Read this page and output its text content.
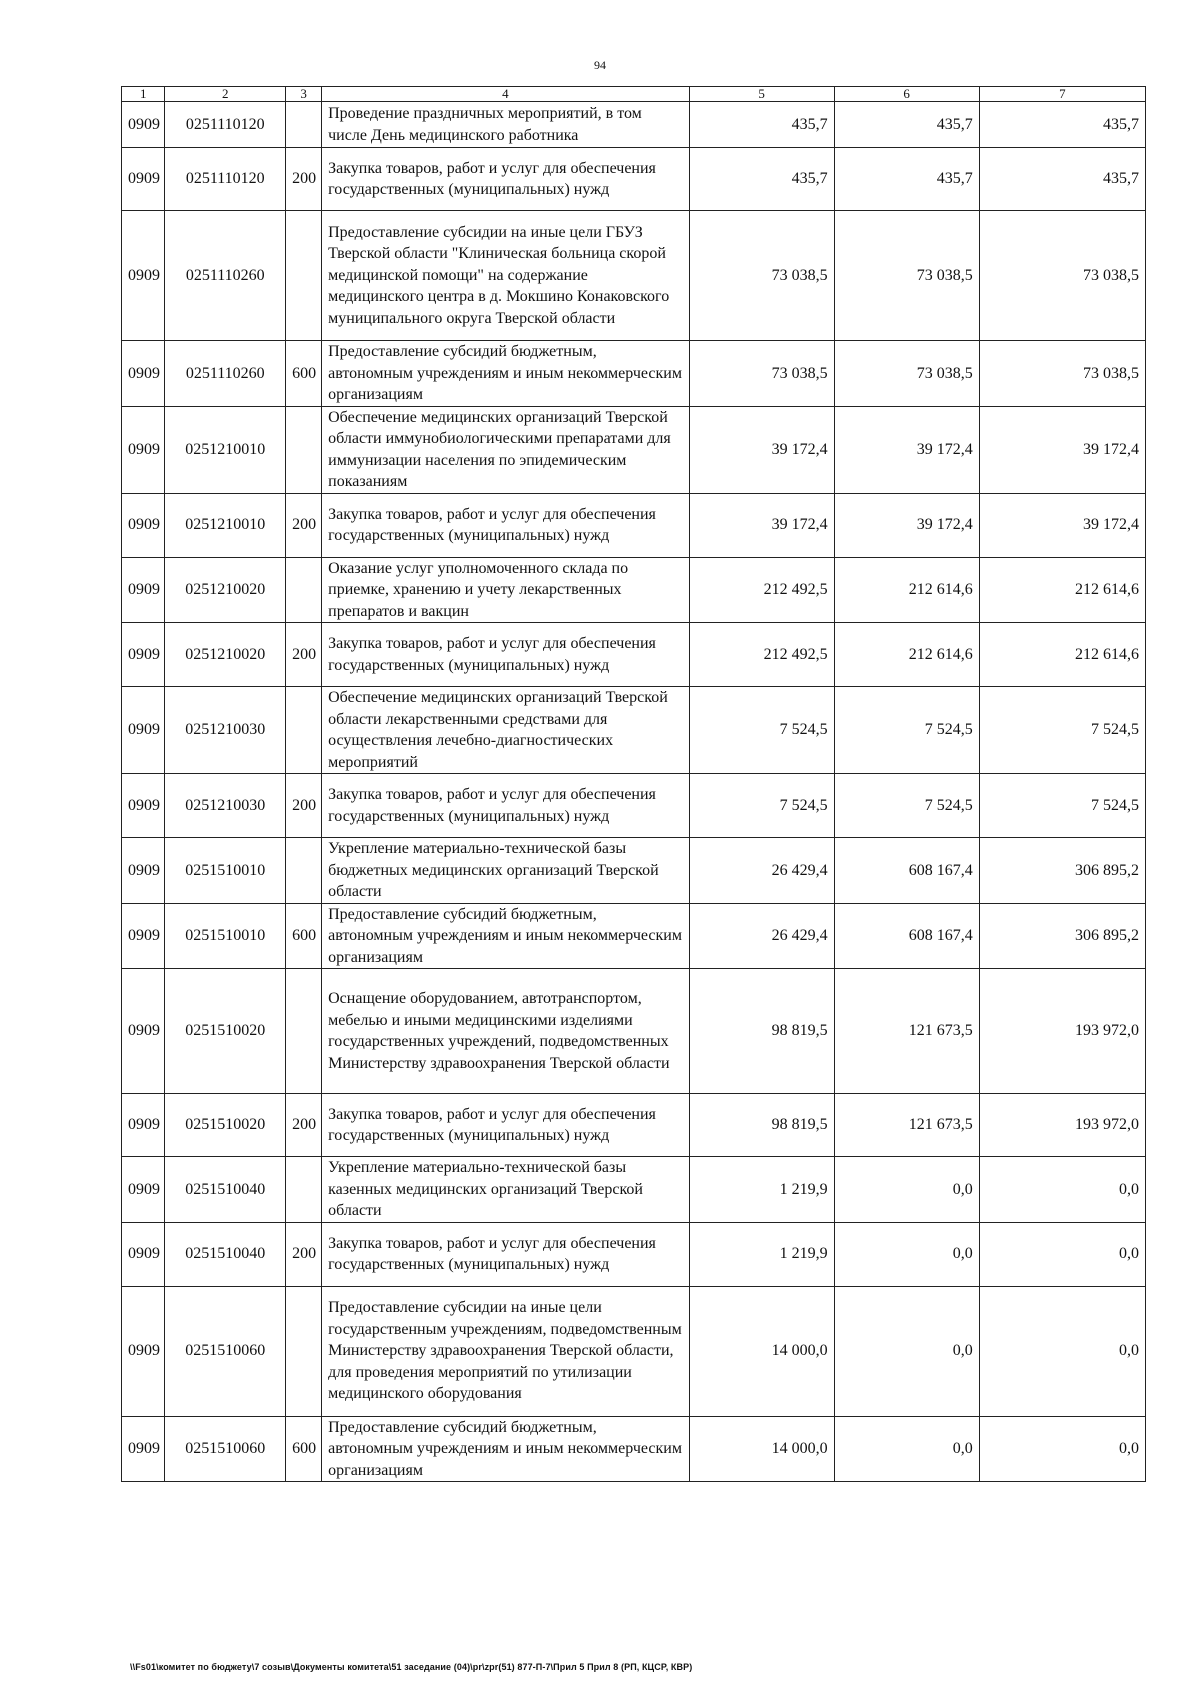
94
1	2	3	4	5	6	7
0909	0251110120		Проведение праздничных мероприятий, в том числе День медицинского работника	435,7	435,7	435,7
0909	0251110120	200	Закупка товаров, работ и услуг для обеспечения государственных (муниципальных) нужд	435,7	435,7	435,7
0909	0251110260		Предоставление субсидии на иные цели ГБУЗ Тверской области "Клиническая больница скорой медицинской помощи" на содержание медицинского центра в д. Мокшино Конаковского муниципального округа Тверской области	73 038,5	73 038,5	73 038,5
0909	0251110260	600	Предоставление субсидий бюджетным, автономным учреждениям и иным некоммерческим организациям	73 038,5	73 038,5	73 038,5
0909	0251210010		Обеспечение медицинских организаций Тверской области иммунобиологическими препаратами для иммунизации населения по эпидемическим показаниям	39 172,4	39 172,4	39 172,4
0909	0251210010	200	Закупка товаров, работ и услуг для обеспечения государственных (муниципальных) нужд	39 172,4	39 172,4	39 172,4
0909	0251210020		Оказание услуг уполномоченного склада по приемке, хранению и учету лекарственных препаратов и вакцин	212 492,5	212 614,6	212 614,6
0909	0251210020	200	Закупка товаров, работ и услуг для обеспечения государственных (муниципальных) нужд	212 492,5	212 614,6	212 614,6
0909	0251210030		Обеспечение медицинских организаций Тверской области лекарственными средствами для осуществления лечебно-диагностических мероприятий	7 524,5	7 524,5	7 524,5
0909	0251210030	200	Закупка товаров, работ и услуг для обеспечения государственных (муниципальных) нужд	7 524,5	7 524,5	7 524,5
0909	0251510010		Укрепление материально-технической базы бюджетных медицинских организаций Тверской области	26 429,4	608 167,4	306 895,2
0909	0251510010	600	Предоставление субсидий бюджетным, автономным учреждениям и иным некоммерческим организациям	26 429,4	608 167,4	306 895,2
0909	0251510020		Оснащение оборудованием, автотранспортом, мебелью и иными медицинскими изделиями государственных учреждений, подведомственных Министерству здравоохранения Тверской области	98 819,5	121 673,5	193 972,0
0909	0251510020	200	Закупка товаров, работ и услуг для обеспечения государственных (муниципальных) нужд	98 819,5	121 673,5	193 972,0
0909	0251510040		Укрепление материально-технической базы казенных медицинских организаций Тверской области	1 219,9	0,0	0,0
0909	0251510040	200	Закупка товаров, работ и услуг для обеспечения государственных (муниципальных) нужд	1 219,9	0,0	0,0
0909	0251510060		Предоставление субсидии на иные цели государственным учреждениям, подведомственным Министерству здравоохранения Тверской области, для проведения мероприятий по утилизации медицинского оборудования	14 000,0	0,0	0,0
0909	0251510060	600	Предоставление субсидий бюджетным, автономным учреждениям и иным некоммерческим организациям	14 000,0	0,0	0,0
\\Fs01\комитет по бюджету\7 созыв\Документы комитета\51 заседание (04)\pr\zpr(51) 877-П-7\Прил 5 Прил 8 (РП, КЦСР, КВР)
